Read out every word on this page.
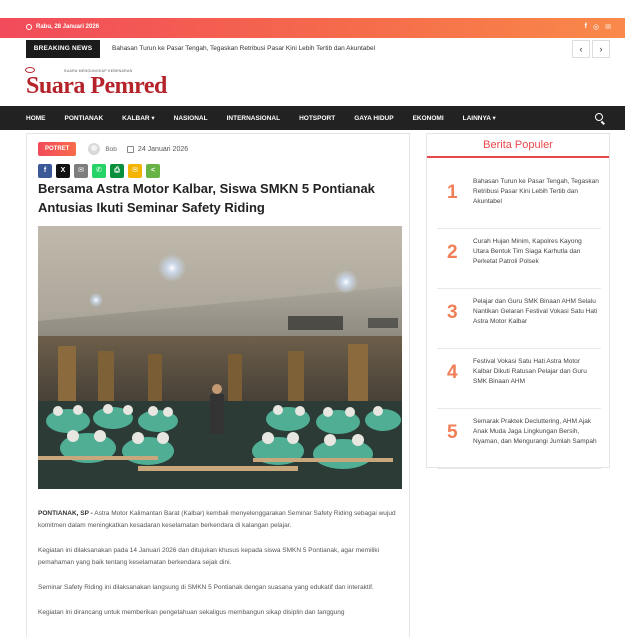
Rabu, 28 Januari 2026	f ◎ ✉
BREAKING NEWS	Bahasan Turun ke Pasar Tengah, Tegaskan Retribusi Pasar Kini Lebih Tertib dan Akuntabel	‹	›
SUARA MENGUNGKAP KEBENARAN
Suara Pemred
HOME	PONTIANAK	KALBAR ▾	NASIONAL	INTERNASIONAL	HOTSPORT	GAYA HIDUP	EKONOMI	LAINNYA ▾
POTRET	Bob	24 Januari 2026
f	X	✉	✆	⎙	✉	<
Bersama Astra Motor Kalbar, Siswa SMKN 5 Pontianak Antusias Ikuti Seminar Safety Riding

PONTIANAK, SP - Astra Motor Kalimantan Barat (Kalbar) kembali menyelenggarakan Seminar Safety Riding sebagai wujud komitmen dalam meningkatkan kesadaran keselamatan berkendara di kalangan pelajar.

Kegiatan ini dilaksanakan pada 14 Januari 2026 dan ditujukan khusus kepada siswa SMKN 5 Pontianak, agar memiliki pemahaman yang baik tentang keselamatan berkendara sejak dini.

Seminar Safety Riding ini dilaksanakan langsung di SMKN 5 Pontianak dengan suasana yang edukatif dan interaktif.

Kegiatan ini dirancang untuk memberikan pengetahuan sekaligus membangun sikap disiplin dan tanggung

Berita Populer
1
Bahasan Turun ke Pasar Tengah, Tegaskan Retribusi Pasar Kini Lebih Tertib dan Akuntabel
2
Curah Hujan Minim, Kapolres Kayong Utara Bentuk Tim Siaga Karhutla dan Perketat Patroli Polsek
3
Pelajar dan Guru SMK Binaan AHM Selalu Nantikan Gelaran Festival Vokasi Satu Hati Astra Motor Kalbar
4
Festival Vokasi Satu Hati Astra Motor Kalbar Dikuti Ratusan Pelajar dan Guru SMK Binaan AHM
5
Semarak Praktek Decluttering, AHM Ajak Anak Muda Jaga Lingkungan Bersih, Nyaman, dan Mengurangi Jumlah Sampah
